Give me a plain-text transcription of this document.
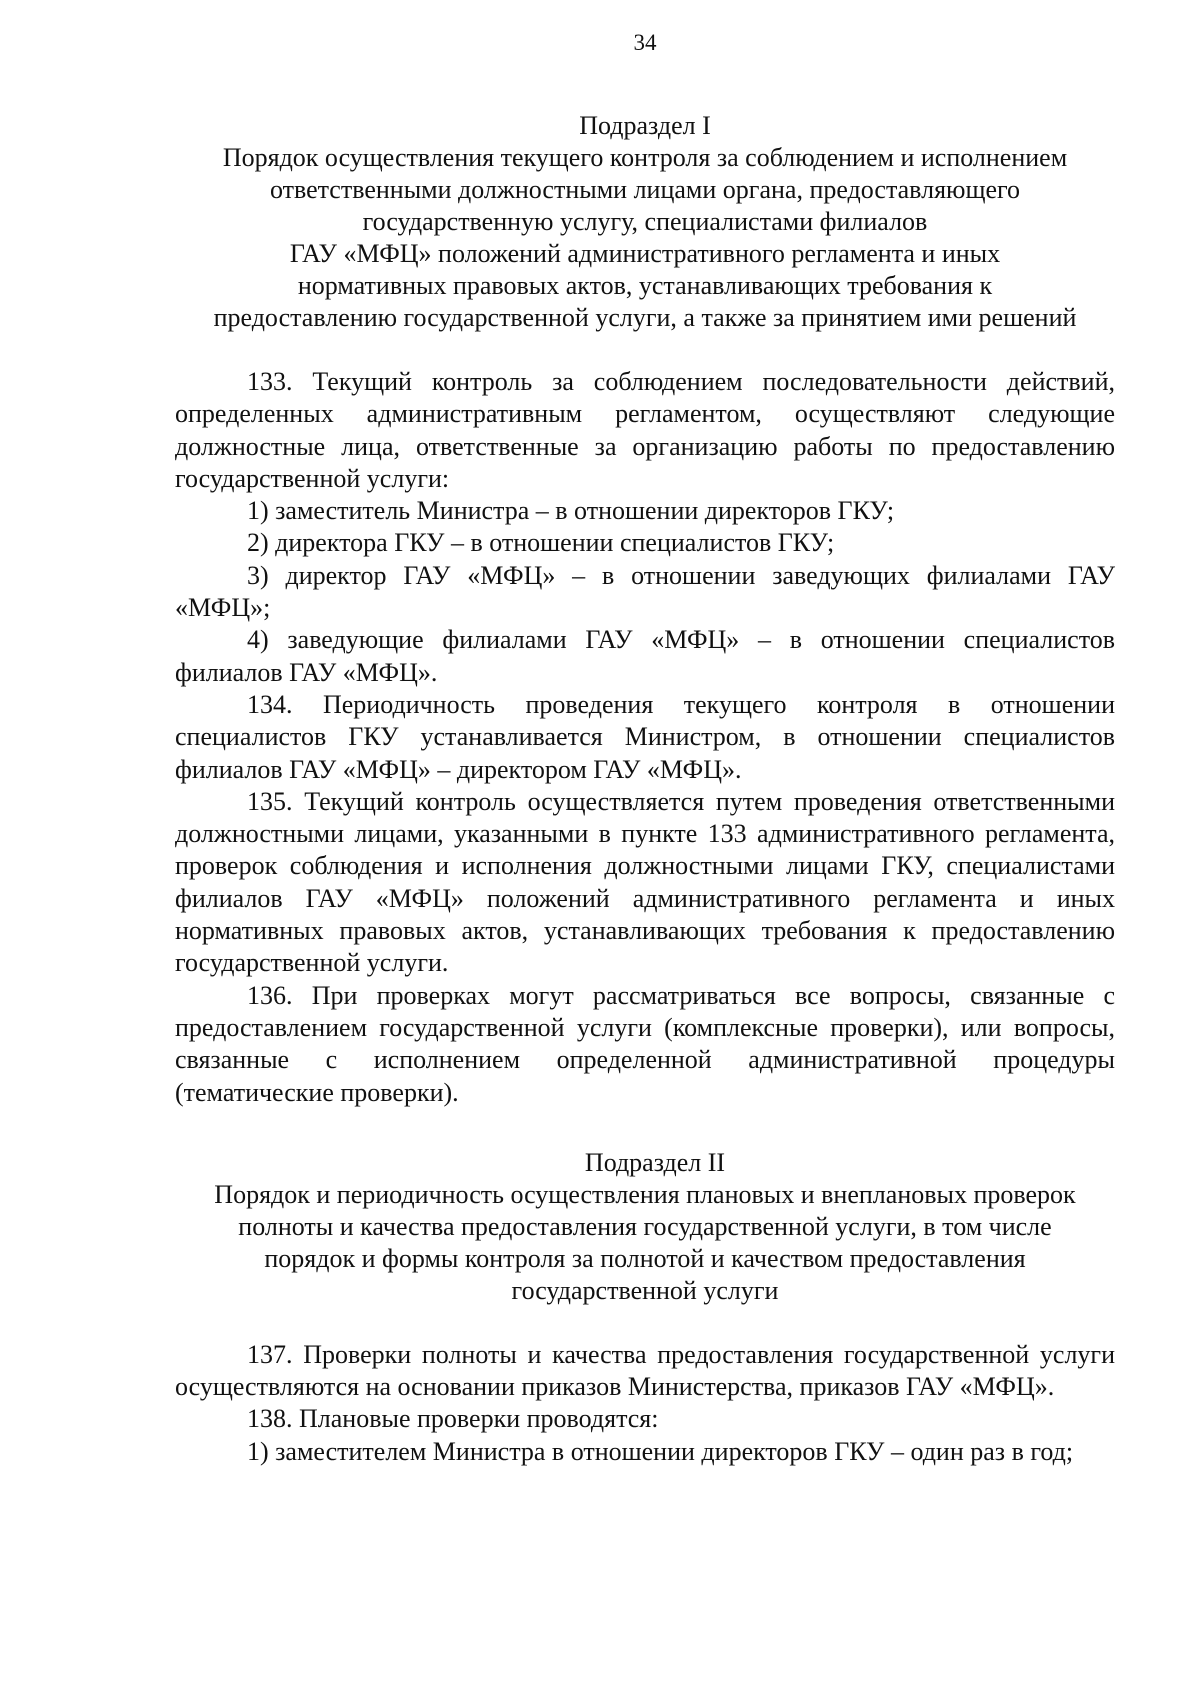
34
Подраздел I
Порядок осуществления текущего контроля за соблюдением и исполнением
ответственными должностными лицами органа, предоставляющего
государственную услугу, специалистами филиалов
ГАУ «МФЦ» положений административного регламента и иных
нормативных правовых актов, устанавливающих требования к
предоставлению государственной услуги, а также за принятием ими решений

133. Текущий контроль за соблюдением последовательности действий, определенных административным регламентом, осуществляют следующие должностные лица, ответственные за организацию работы по предоставлению государственной услуги:

1) заместитель Министра – в отношении директоров ГКУ;

2) директора ГКУ – в отношении специалистов ГКУ;

3) директор ГАУ «МФЦ» – в отношении заведующих филиалами ГАУ «МФЦ»;

4) заведующие филиалами ГАУ «МФЦ» – в отношении специалистов филиалов ГАУ «МФЦ».

134. Периодичность проведения текущего контроля в отношении специалистов ГКУ устанавливается Министром, в отношении специалистов филиалов ГАУ «МФЦ» – директором ГАУ «МФЦ».

135. Текущий контроль осуществляется путем проведения ответственными должностными лицами, указанными в пункте 133 административного регламента, проверок соблюдения и исполнения должностными лицами ГКУ, специалистами филиалов ГАУ «МФЦ» положений административного регламента и иных нормативных правовых актов, устанавливающих требования к предоставлению государственной услуги.

136. При проверках могут рассматриваться все вопросы, связанные с предоставлением государственной услуги (комплексные проверки), или вопросы, связанные с исполнением определенной административной процедуры (тематические проверки).

Подраздел II
Порядок и периодичность осуществления плановых и внеплановых проверок
полноты и качества предоставления государственной услуги, в том числе
порядок и формы контроля за полнотой и качеством предоставления
государственной услуги

137. Проверки полноты и качества предоставления государственной услуги осуществляются на основании приказов Министерства, приказов ГАУ «МФЦ».

138. Плановые проверки проводятся:

1) заместителем Министра в отношении директоров ГКУ – один раз в год;
